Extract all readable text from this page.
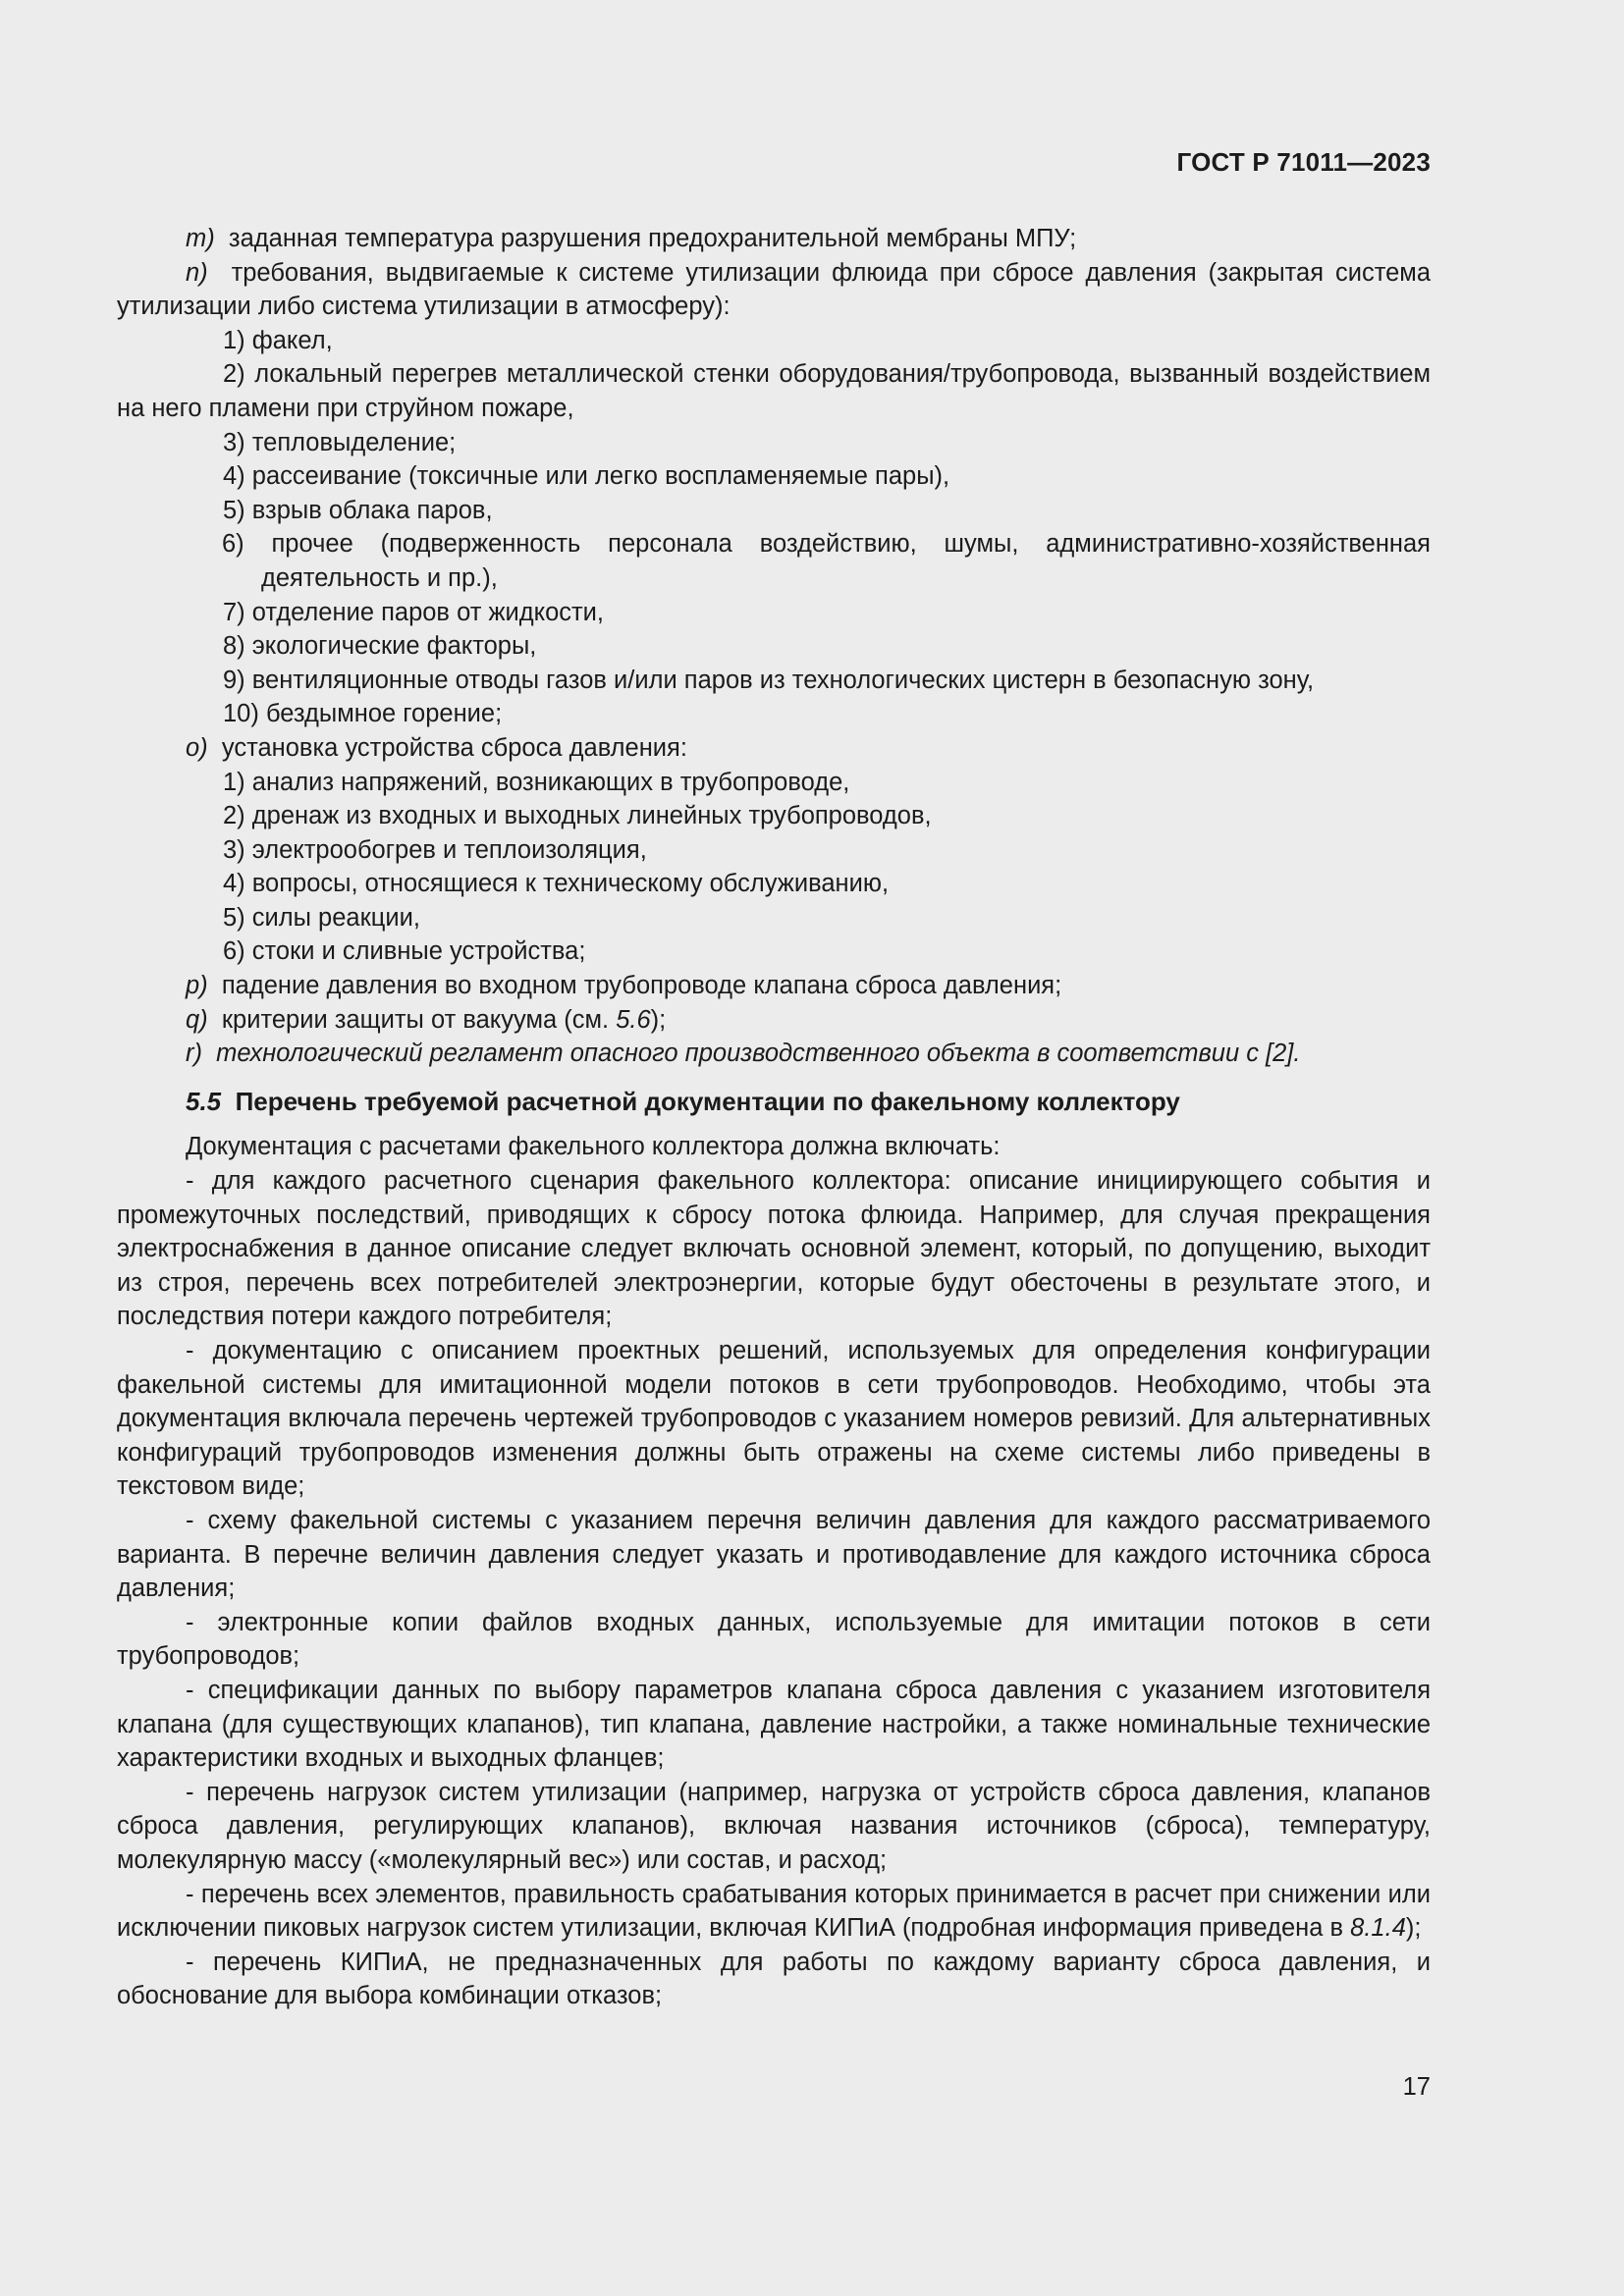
ГОСТ Р 71011—2023

m) заданная температура разрушения предохранительной мембраны МПУ;

n) требования, выдвигаемые к системе утилизации флюида при сбросе давления (закрытая система утилизации либо система утилизации в атмосферу):

1) факел,

2) локальный перегрев металлической стенки оборудования/трубопровода, вызванный воздействием на него пламени при струйном пожаре,

3) тепловыделение;

4) рассеивание (токсичные или легко воспламеняемые пары),

5) взрыв облака паров,

6) прочее (подверженность персонала воздействию, шумы, административно-хозяйственная деятельность и пр.),

7) отделение паров от жидкости,

8) экологические факторы,

9) вентиляционные отводы газов и/или паров из технологических цистерн в безопасную зону,

10) бездымное горение;

o) установка устройства сброса давления:

1) анализ напряжений, возникающих в трубопроводе,

2) дренаж из входных и выходных линейных трубопроводов,

3) электрообогрев и теплоизоляция,

4) вопросы, относящиеся к техническому обслуживанию,

5) силы реакции,

6) стоки и сливные устройства;

p) падение давления во входном трубопроводе клапана сброса давления;

q) критерии защиты от вакуума (см. 5.6);

r) технологический регламент опасного производственного объекта в соответствии с [2].

5.5 Перечень требуемой расчетной документации по факельному коллектору

Документация с расчетами факельного коллектора должна включать:

- для каждого расчетного сценария факельного коллектора: описание инициирующего события и промежуточных последствий, приводящих к сбросу потока флюида. Например, для случая прекращения электроснабжения в данное описание следует включать основной элемент, который, по допущению, выходит из строя, перечень всех потребителей электроэнергии, которые будут обесточены в результате этого, и последствия потери каждого потребителя;

- документацию с описанием проектных решений, используемых для определения конфигурации факельной системы для имитационной модели потоков в сети трубопроводов. Необходимо, чтобы эта документация включала перечень чертежей трубопроводов с указанием номеров ревизий. Для альтернативных конфигураций трубопроводов изменения должны быть отражены на схеме системы либо приведены в текстовом виде;

- схему факельной системы с указанием перечня величин давления для каждого рассматриваемого варианта. В перечне величин давления следует указать и противодавление для каждого источника сброса давления;

- электронные копии файлов входных данных, используемые для имитации потоков в сети трубопроводов;

- спецификации данных по выбору параметров клапана сброса давления с указанием изготовителя клапана (для существующих клапанов), тип клапана, давление настройки, а также номинальные технические характеристики входных и выходных фланцев;

- перечень нагрузок систем утилизации (например, нагрузка от устройств сброса давления, клапанов сброса давления, регулирующих клапанов), включая названия источников (сброса), температуру, молекулярную массу («молекулярный вес») или состав, и расход;

- перечень всех элементов, правильность срабатывания которых принимается в расчет при снижении или исключении пиковых нагрузок систем утилизации, включая КИПиА (подробная информация приведена в 8.1.4);

- перечень КИПиА, не предназначенных для работы по каждому варианту сброса давления, и обоснование для выбора комбинации отказов;

17
